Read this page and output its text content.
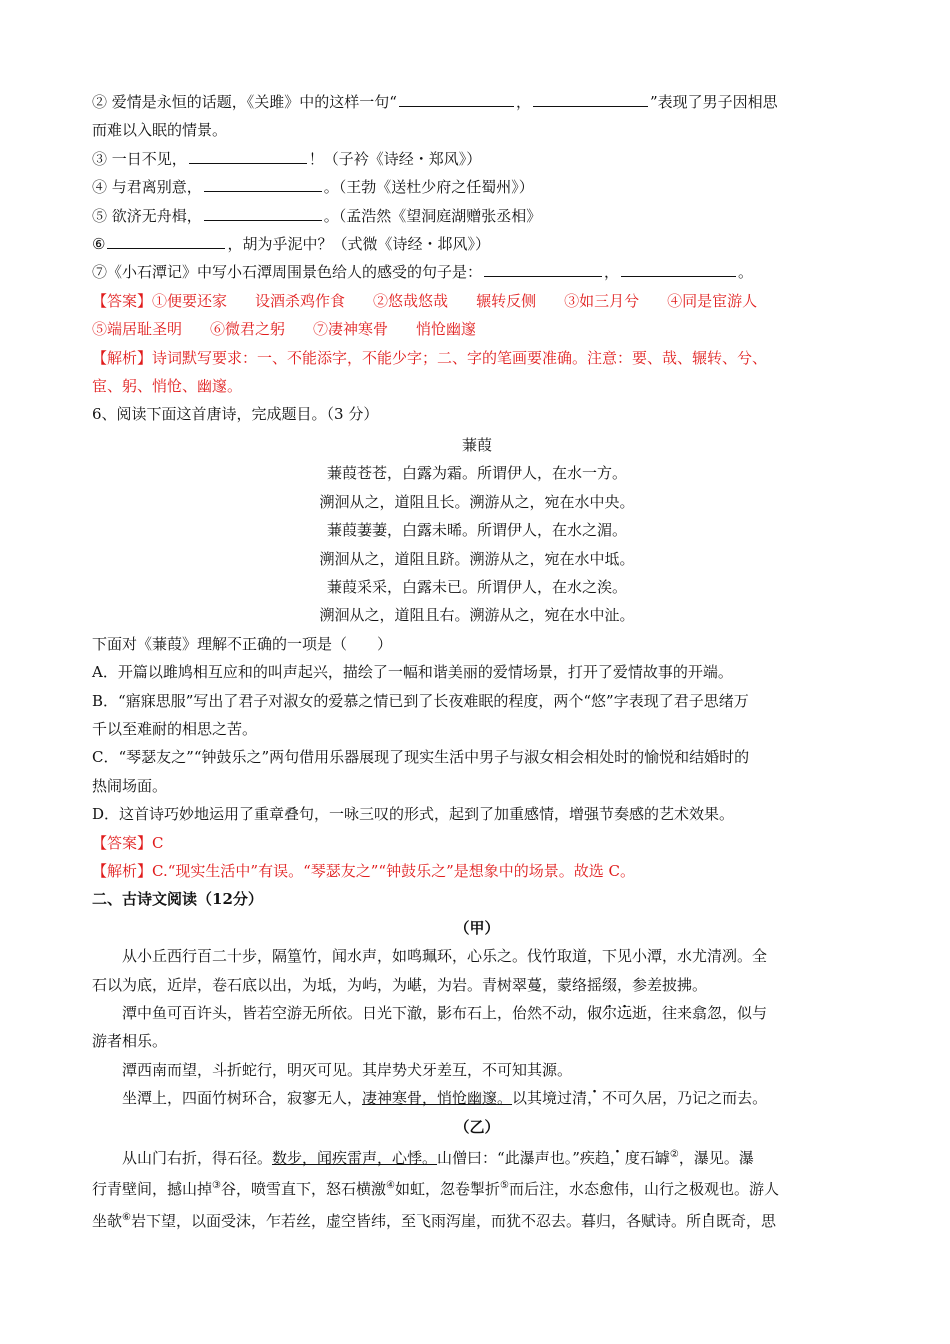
② 爱情是永恒的话题，《关雎》中的这样一句“	，	”表现了男子因相思
而难以入眠的情景。
③ 一日不见，	！（子衿《诗经・郑风》）
④ 与君离别意，	。（王勃《送杜少府之任蜀州》）
⑤ 欲济无舟楫，	。（孟浩然《望洞庭湖赠张丞相》
⑥	，胡为乎泥中？（式微《诗经・邶风》）
⑦《小石潭记》中写小石潭周围景色给人的感受的句子是：	，	。
【答案】①便要还家 设酒杀鸡作食 ②悠哉悠哉 辗转反侧 ③如三月兮 ④同是宦游人
⑤端居耻圣明 ⑥微君之躬 ⑦凄神寒骨 悄怆幽邃
【解析】诗词默写要求：一、不能添字，不能少字；二、字的笔画要准确。注意：要、哉、辗转、兮、
宦、躬、悄怆、幽邃。
6、阅读下面这首唐诗，完成题目。（3 分）
蒹葭
蒹葭苍苍，白露为霜。所谓伊人，在水一方。
溯洄从之，道阻且长。溯游从之，宛在水中央。
蒹葭萋萋，白露未晞。所谓伊人，在水之湄。
溯洄从之，道阻且跻。溯游从之，宛在水中坻。
蒹葭采采，白露未已。所谓伊人，在水之涘。
溯洄从之，道阻且右。溯游从之，宛在水中沚。
下面对《蒹葭》理解不正确的一项是（　　）
A．开篇以雎鸠相互应和的叫声起兴，描绘了一幅和谐美丽的爱情场景，打开了爱情故事的开端。
B．“寤寐思服”写出了君子对淑女的爱慕之情已到了长夜难眠的程度，两个“悠”字表现了君子思绪万
千以至难耐的相思之苦。
C．“琴瑟友之”“钟鼓乐之”两句借用乐器展现了现实生活中男子与淑女相会相处时的愉悦和结婚时的
热闹场面。
D．这首诗巧妙地运用了重章叠句，一咏三叹的形式，起到了加重感情，增强节奏感的艺术效果。
【答案】C
【解析】C.“现实生活中”有误。“琴瑟友之”“钟鼓乐之”是想象中的场景。故选 C。
二、古诗文阅读（12分）
（甲）
从小丘西行百二十步，隔篁竹，闻水声，如鸣珮环，心乐之。伐竹取道，下见小潭，水尤清冽。全
石以为底，近岸，卷石底以出，为坻，为屿，为嵁，为岩。青树翠蔓，蒙络摇缀，参差披拂。
潭中鱼可百许头，皆若空游无所依。日光下澈，影布石上，佁然不动，俶尔远逝，往来翕忽，似与
游者相乐。
潭西南而望，斗折蛇行，明灭可见。其岸势犬牙差互，不可知其源。
坐潭上，四面竹树环合，寂寥无人，凄神寒骨，悄怆幽邃。以其境过清，不可久居，乃记之而去。
（乙）
从山门右折，得石径。数步，闻疾雷声，心悸。山僧曰：“此瀑声也。”疾趋，度石罅②，瀑见。瀑
行青壁间，撼山掉③谷，喷雪直下，怒石横激④如虹，忽卷掣折⑤而后注，水态愈伟，山行之极观也。游人
坐欹⑥岩下望，以面受沫，乍若丝，虚空皆纬，至飞雨泻崖，而犹不忍去。暮归，各赋诗。所自既奇，思
